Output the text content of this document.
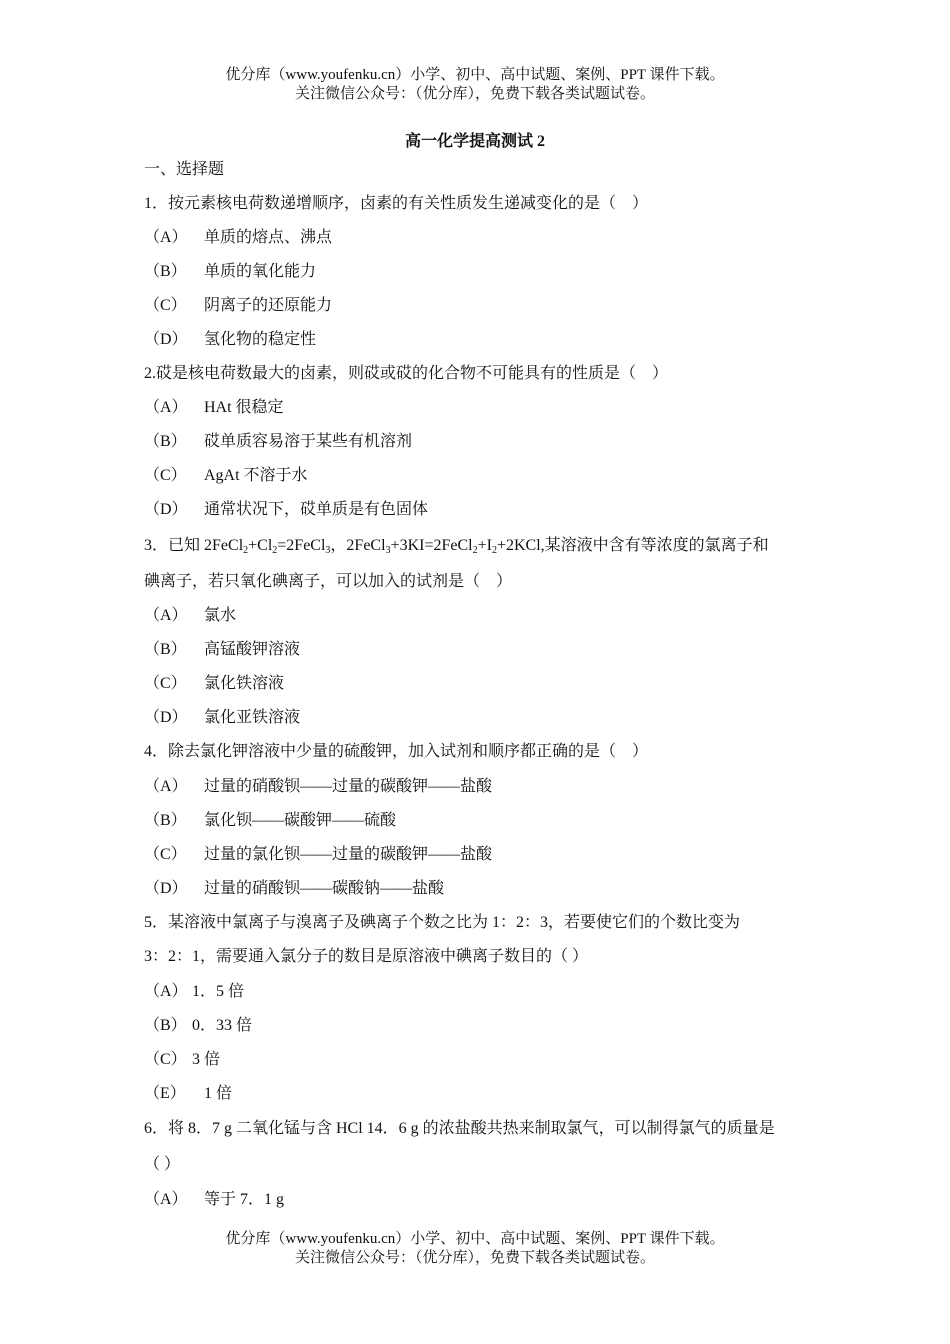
优分库（www.youfenku.cn）小学、初中、高中试题、案例、PPT 课件下载。
关注微信公众号：（优分库），免费下载各类试题试卷。
高一化学提高测试 2
一、选择题
1．按元素核电荷数递增顺序，卤素的有关性质发生递减变化的是（　）
（A） 单质的熔点、沸点
（B） 单质的氧化能力
（C） 阴离子的还原能力
（D） 氢化物的稳定性
2.砹是核电荷数最大的卤素，则砹或砹的化合物不可能具有的性质是（　）
（A） HAt 很稳定
（B） 砹单质容易溶于某些有机溶剂
（C） AgAt 不溶于水
（D） 通常状况下，砹单质是有色固体
3．已知 $2FeCl_2+Cl_2=2FeCl_3$，$2FeCl_3+3KI=2FeCl_2+I_2+2KCl$,某溶液中含有等浓度的氯离子和
碘离子，若只氧化碘离子，可以加入的试剂是（　）
（A） 氯水
（B） 高锰酸钾溶液
（C） 氯化铁溶液
（D） 氯化亚铁溶液
4．除去氯化钾溶液中少量的硫酸钾，加入试剂和顺序都正确的是（　）
（A） 过量的硝酸钡——过量的碳酸钾——盐酸
（B） 氯化钡——碳酸钾——硫酸
（C） 过量的氯化钡——过量的碳酸钾——盐酸
（D） 过量的硝酸钡——碳酸钠——盐酸
5．某溶液中氯离子与溴离子及碘离子个数之比为 1：2：3，若要使它们的个数比变为
3：2：1，需要通入氯分子的数目是原溶液中碘离子数目的（ ）
（A） 1．5 倍
（B） 0．33 倍
（C） 3 倍
（E） 1 倍
6．将 8．7 g 二氧化锰与含 HCl 14．6 g 的浓盐酸共热来制取氯气，可以制得氯气的质量是
（ ）
（A） 等于 7．1 g
优分库（www.youfenku.cn）小学、初中、高中试题、案例、PPT 课件下载。
关注微信公众号：（优分库），免费下载各类试题试卷。
